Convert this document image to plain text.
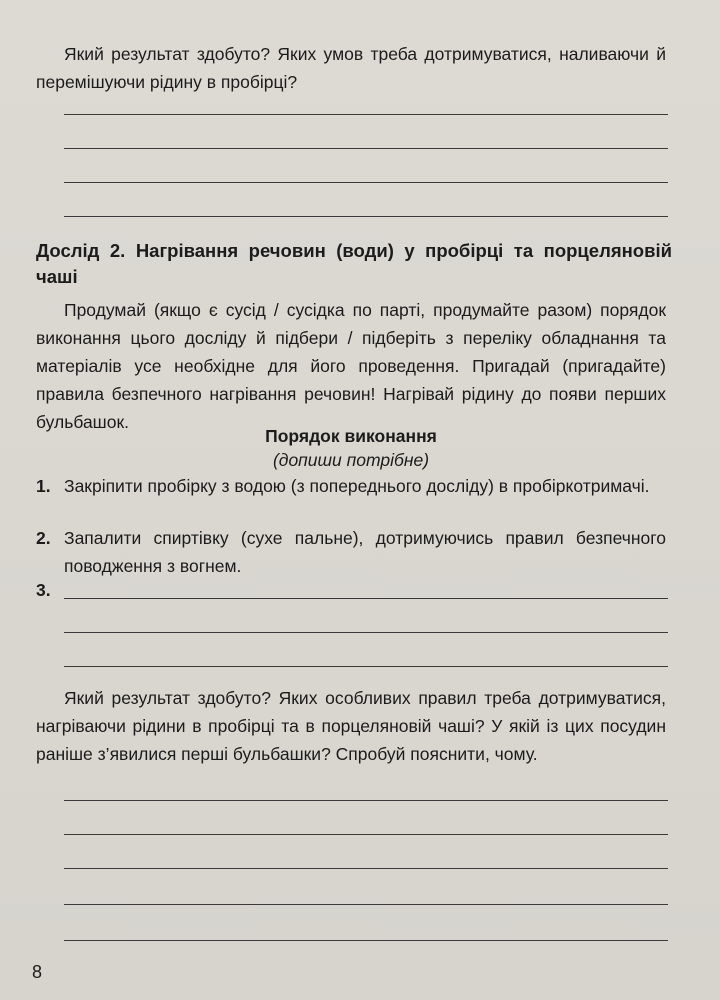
Який результат здобуто? Яких умов треба дотримуватися, наливаючи й перемішуючи рідину в пробірці?
Дослід 2. Нагрівання речовин (води) у пробірці та порцеляновій чаші
Продумай (якщо є сусід / сусідка по парті, продумайте разом) порядок виконання цього досліду й підбери / підберіть з переліку обладнання та матеріалів усе необхідне для його проведення. Пригадай (пригадайте) правила безпечного нагрівання речовин! Нагрівай рідину до появи перших бульбашок.
Порядок виконання
(допиши потрібне)
1. Закріпити пробірку з водою (з попереднього досліду) в пробіркотримачі.
2. Запалити спиртівку (сухе пальне), дотримуючись правил безпечного поводження з вогнем.
3.
Який результат здобуто? Яких особливих правил треба дотримуватися, нагріваючи рідини в пробірці та в порцеляновій чаші? У якій із цих посудин раніше з’явилися перші бульбашки? Спробуй пояснити, чому.
8
